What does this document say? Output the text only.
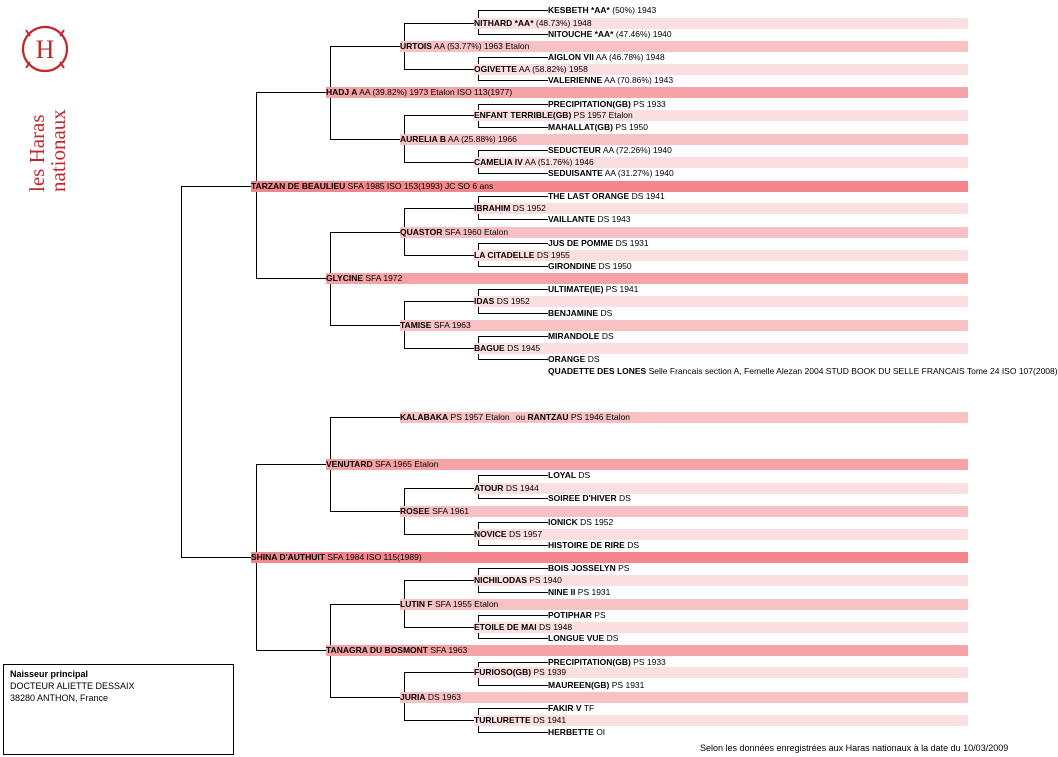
H
les Haras
nationaux
QUADETTE DES LONES Selle Francais section A, Femelle Alezan 2004 STUD BOOK DU SELLE FRANCAIS Tome 24 ISO 107(2008)
TARZAN DE BEAULIEU SFA 1985 ISO 153(1993) JC SO 6 ans
HADJ A AA (39.82%) 1973 Etalon ISO 113(1977)
URTOIS AA (53.77%) 1963 Etalon
NITHARD *AA* (48.73%) 1948
KESBETH *AA* (50%) 1943
NITOUCHE *AA* (47.46%) 1940
OGIVETTE AA (58.82%) 1958
AIGLON VII AA (46.78%) 1948
VALERIENNE AA (70.86%) 1943
AURELIA B AA (25.88%) 1966
ENFANT TERRIBLE(GB) PS 1957 Etalon
PRECIPITATION(GB) PS 1933
MAHALLAT(GB) PS 1950
CAMELIA IV AA (51.76%) 1946
SEDUCTEUR AA (72.26%) 1940
SEDUISANTE AA (31.27%) 1940
GLYCINE SFA 1972
QUASTOR SFA 1960 Etalon
IBRAHIM DS 1952
THE LAST ORANGE DS 1941
VAILLANTE DS 1943
LA CITADELLE DS 1955
JUS DE POMME DS 1931
GIRONDINE DS 1950
TAMISE SFA 1963
IDAS DS 1952
ULTIMATE(IE) PS 1941
BENJAMINE DS
BAGUE DS 1945
MIRANDOLE DS
ORANGE DS
SHINA D'AUTHUIT SFA 1984 ISO 115(1989)
VENUTARD SFA 1965 Etalon
KALABAKA PS 1957 Etalon ou RANTZAU PS 1946 Etalon
ROSEE SFA 1961
ATOUR DS 1944
LOYAL DS
SOIREE D'HIVER DS
NOVICE DS 1957
IONICK DS 1952
HISTOIRE DE RIRE DS
TANAGRA DU BOSMONT SFA 1963
LUTIN F SFA 1955 Etalon
NICHILODAS PS 1940
BOIS JOSSELYN PS
NINE II PS 1931
ETOILE DE MAI DS 1948
POTIPHAR PS
LONGUE VUE DS
JURIA DS 1963
FURIOSO(GB) PS 1939
PRECIPITATION(GB) PS 1933
MAUREEN(GB) PS 1931
TURLURETTE DS 1941
FAKIR V TF
HERBETTE OI
Naisseur principal
DOCTEUR ALIETTE DESSAIX
38280 ANTHON, France
Selon les données enregistrées aux Haras nationaux à la date du 10/03/2009
